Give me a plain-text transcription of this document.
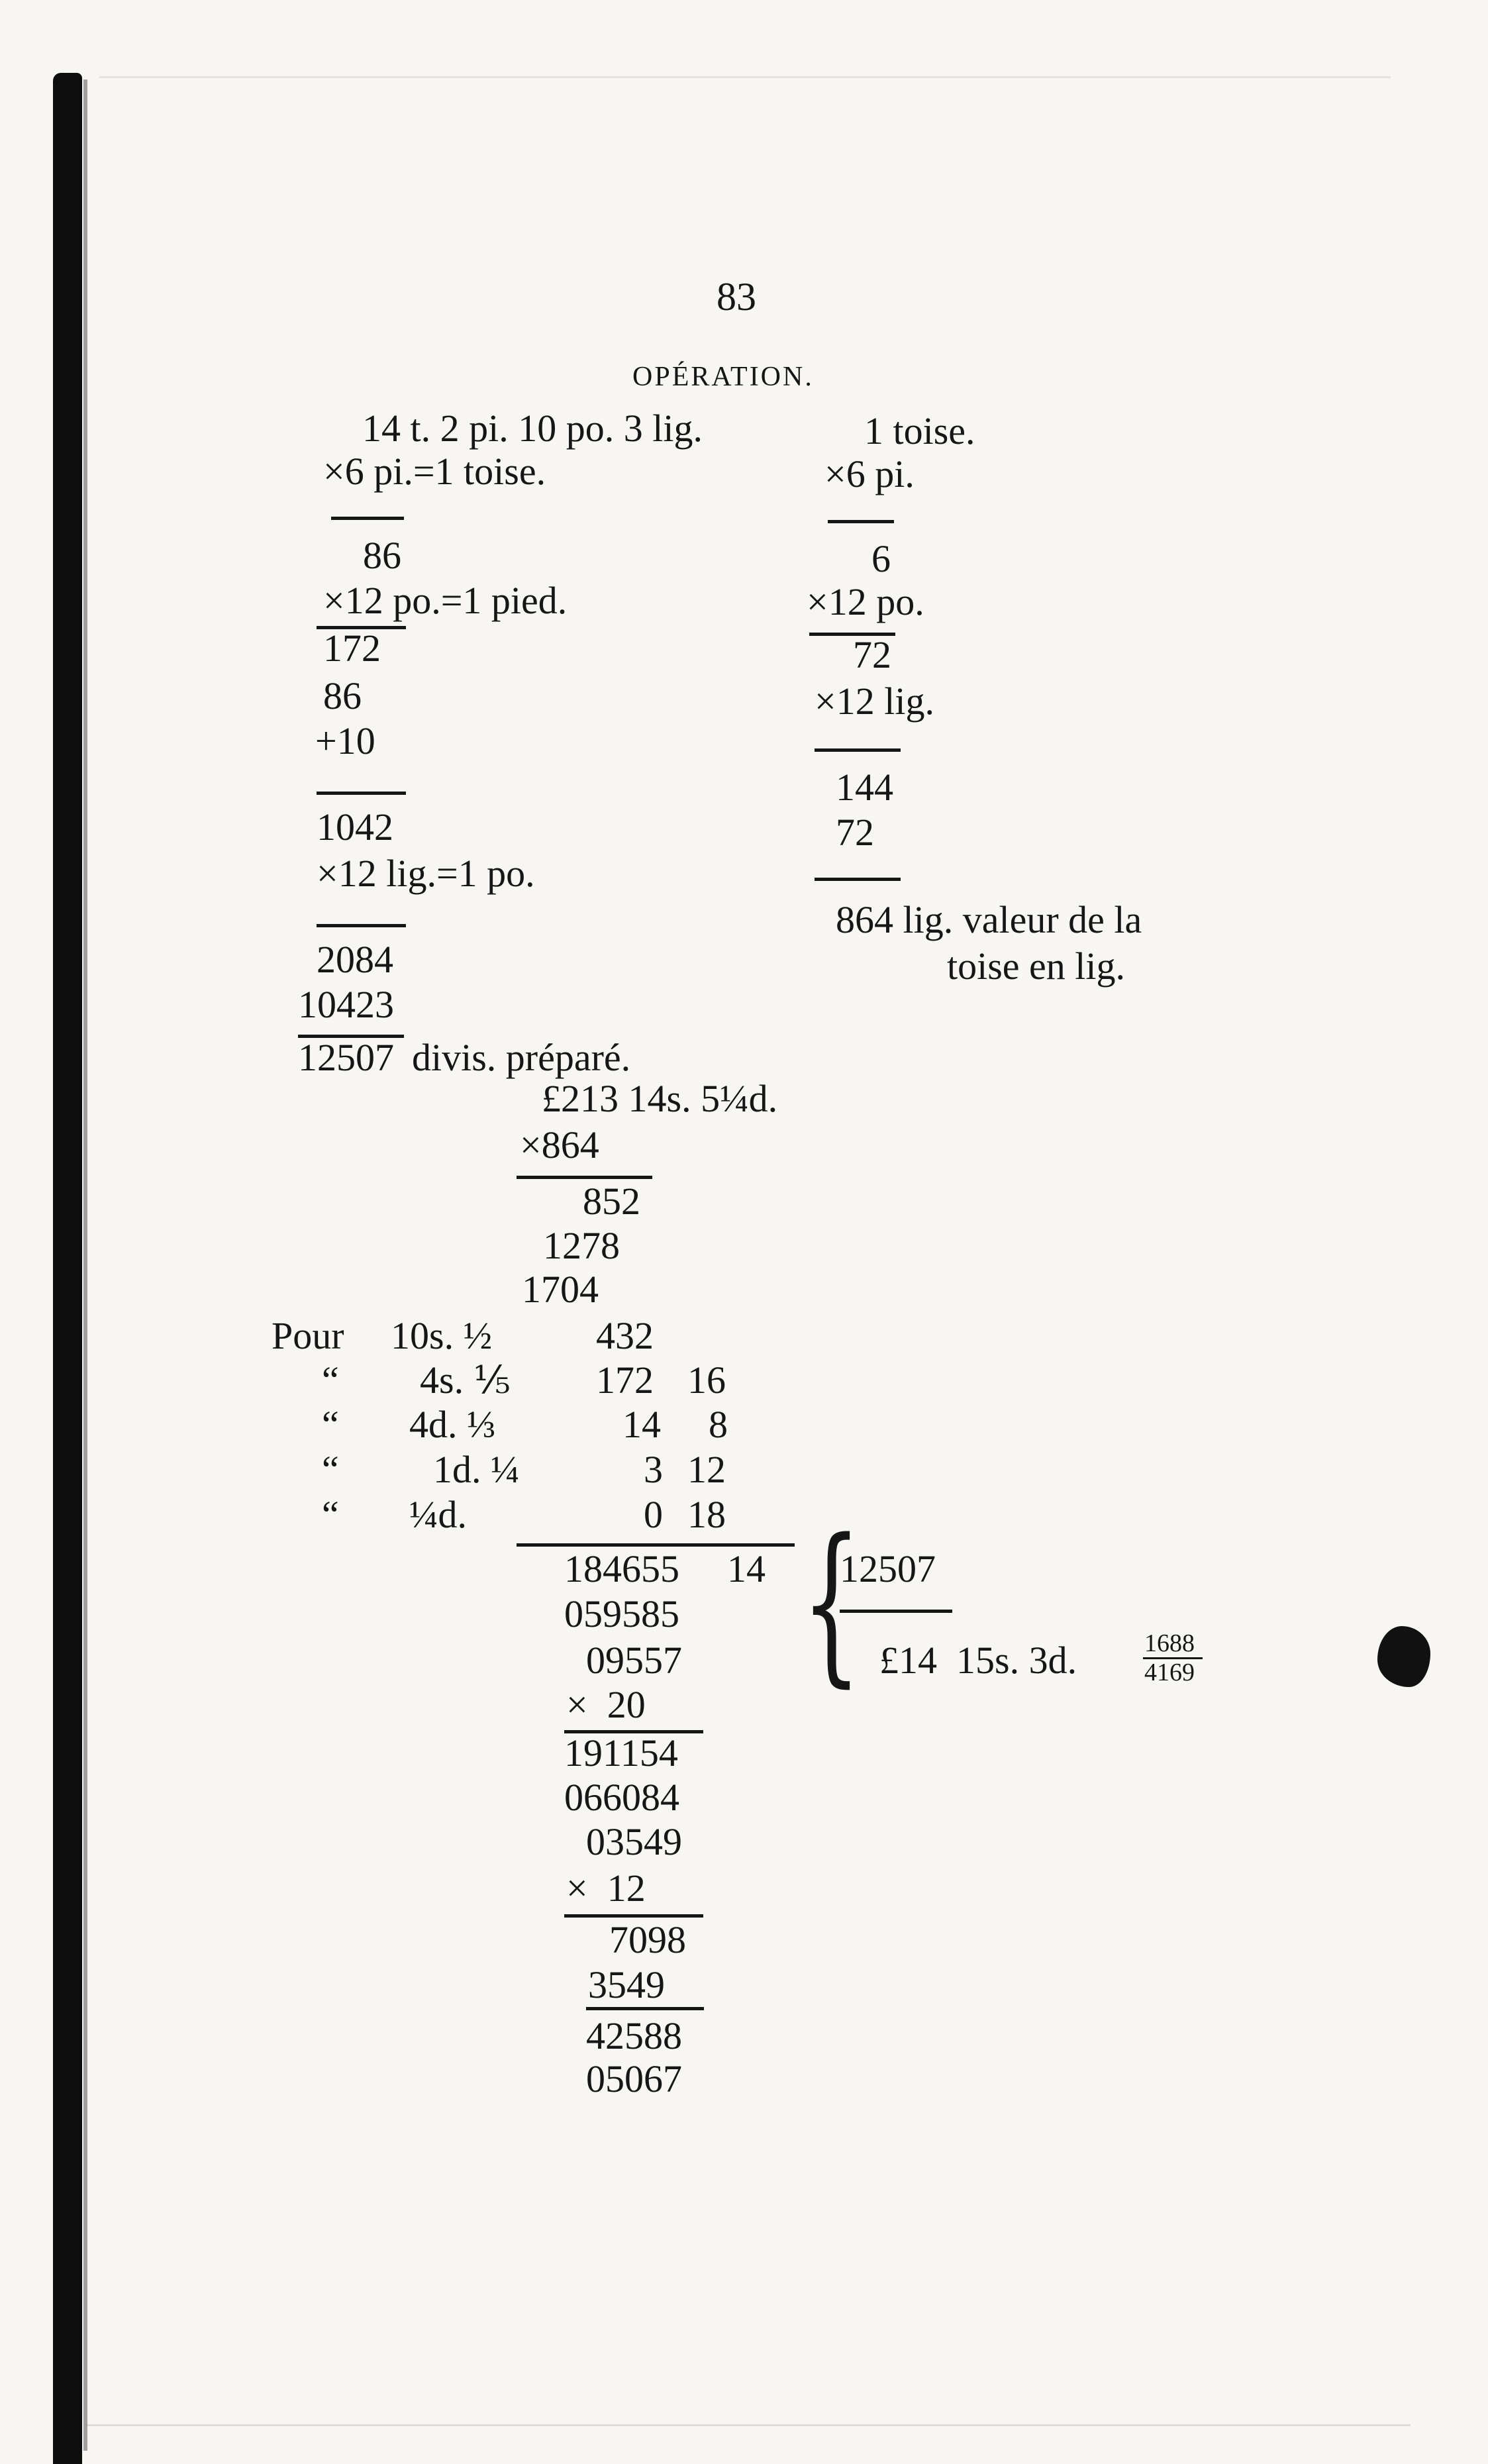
83
OPÉRATION.
14 t. 2 pi. 10 po. 3 lig.
×6 pi.=1 toise.
86
×12 po.=1 pied.
172
86
+10
1042
×12 lig.=1 po.
2084
10423
12507 divis. préparé.
1 toise.
×6 pi.
6
×12 po.
72
×12 lig.
144
72
864 lig. valeur de la
toise en lig.
£213 14s. 5¼d.
×864
852
1278
1704
Pour 10s. ½	432
“ 4s. ⅕ 172 16
“ 4d. ⅓	14 8
“ 1d. ¼	3 12
“ ¼d.	0 18
184655 14
059585
09557
×  20
191154
066084
03549
×  12
7098
3549
42588
05067
{
12507
£14  15s. 3d.	1688
4169
